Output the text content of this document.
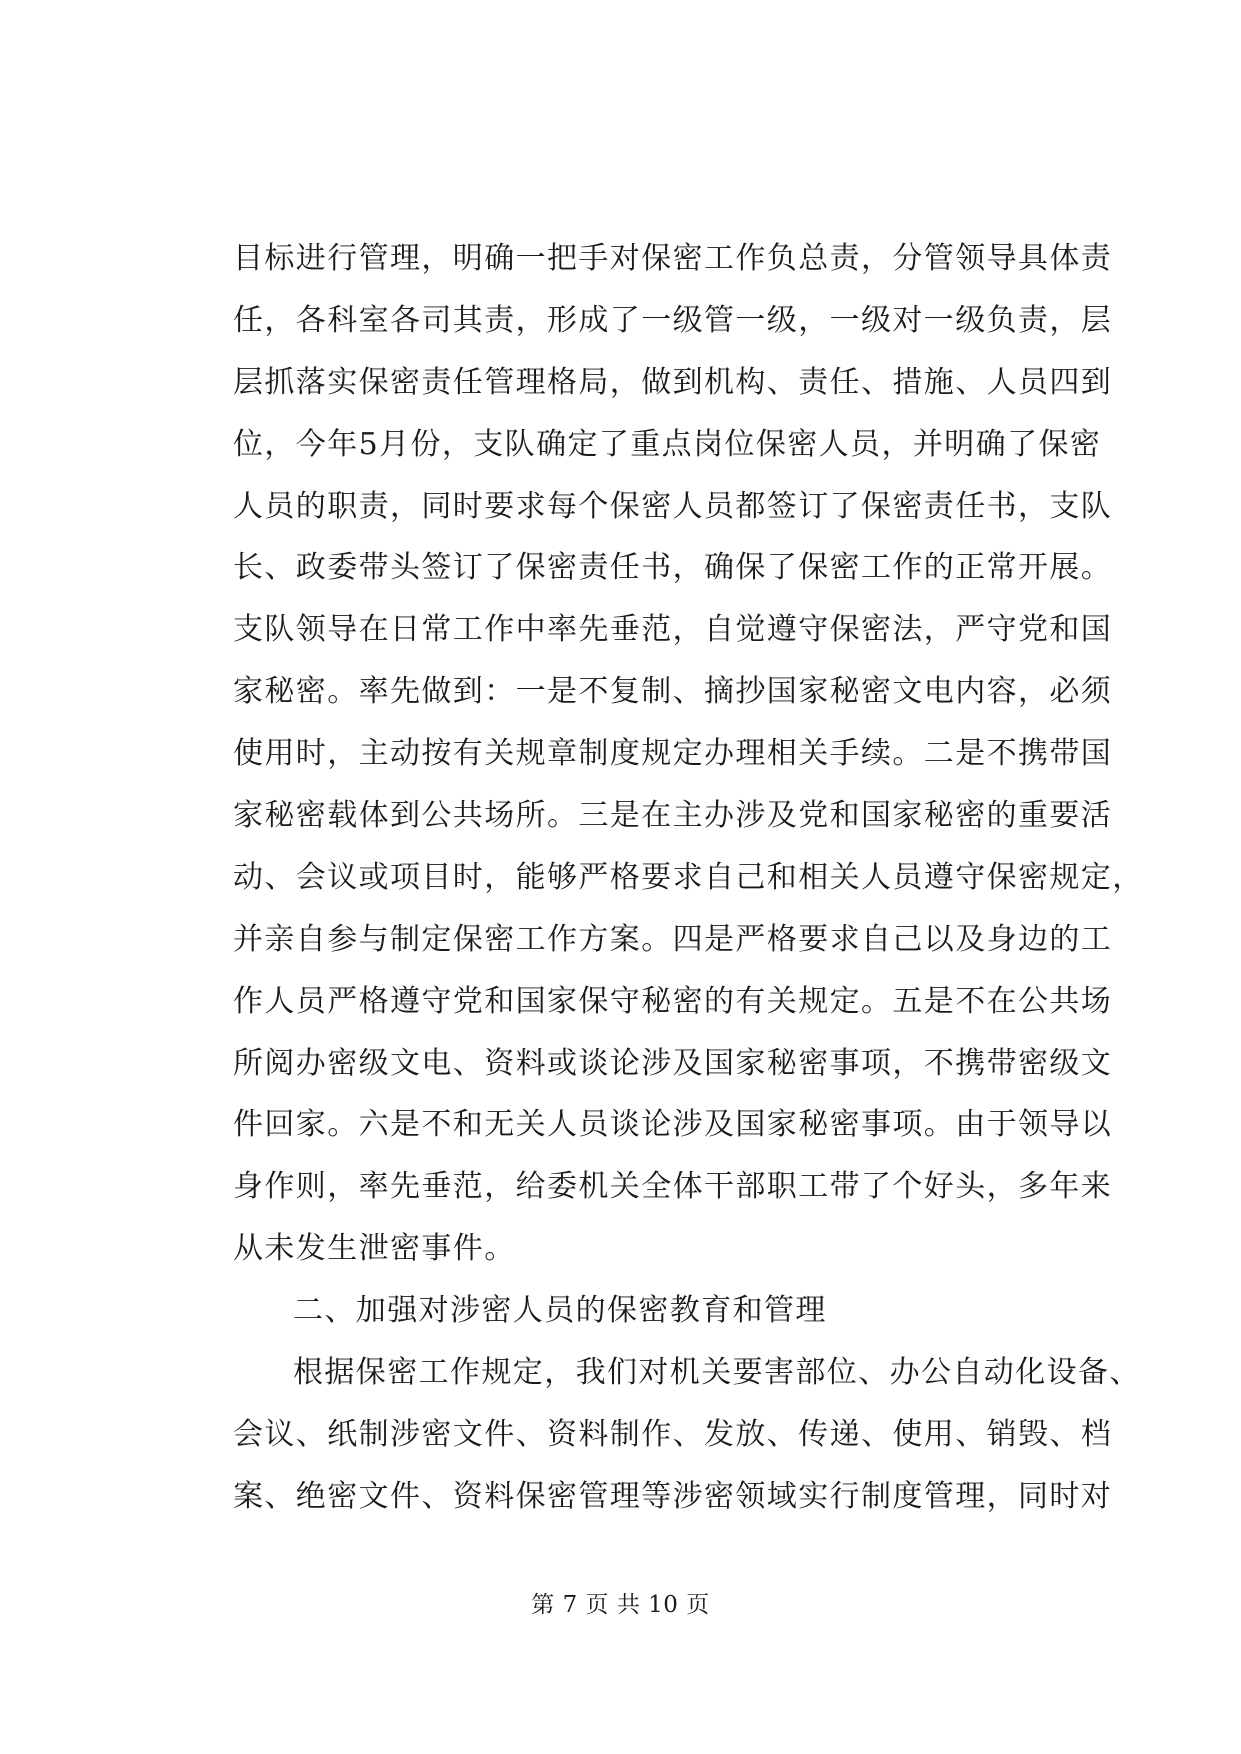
目标进行管理，明确一把手对保密工作负总责，分管领导具体责
任，各科室各司其责，形成了一级管一级，一级对一级负责，层
层抓落实保密责任管理格局，做到机构、责任、措施、人员四到
位，今年5月份，支队确定了重点岗位保密人员，并明确了保密
人员的职责，同时要求每个保密人员都签订了保密责任书，支队
长、政委带头签订了保密责任书，确保了保密工作的正常开展。
支队领导在日常工作中率先垂范，自觉遵守保密法，严守党和国
家秘密。率先做到：一是不复制、摘抄国家秘密文电内容，必须
使用时，主动按有关规章制度规定办理相关手续。二是不携带国
家秘密载体到公共场所。三是在主办涉及党和国家秘密的重要活
动、会议或项目时，能够严格要求自己和相关人员遵守保密规定，
并亲自参与制定保密工作方案。四是严格要求自己以及身边的工
作人员严格遵守党和国家保守秘密的有关规定。五是不在公共场
所阅办密级文电、资料或谈论涉及国家秘密事项，不携带密级文
件回家。六是不和无关人员谈论涉及国家秘密事项。由于领导以
身作则，率先垂范，给委机关全体干部职工带了个好头，多年来
从未发生泄密事件。
二、加强对涉密人员的保密教育和管理
根据保密工作规定，我们对机关要害部位、办公自动化设备、
会议、纸制涉密文件、资料制作、发放、传递、使用、销毁、档
案、绝密文件、资料保密管理等涉密领域实行制度管理，同时对
第 7 页 共 10 页
